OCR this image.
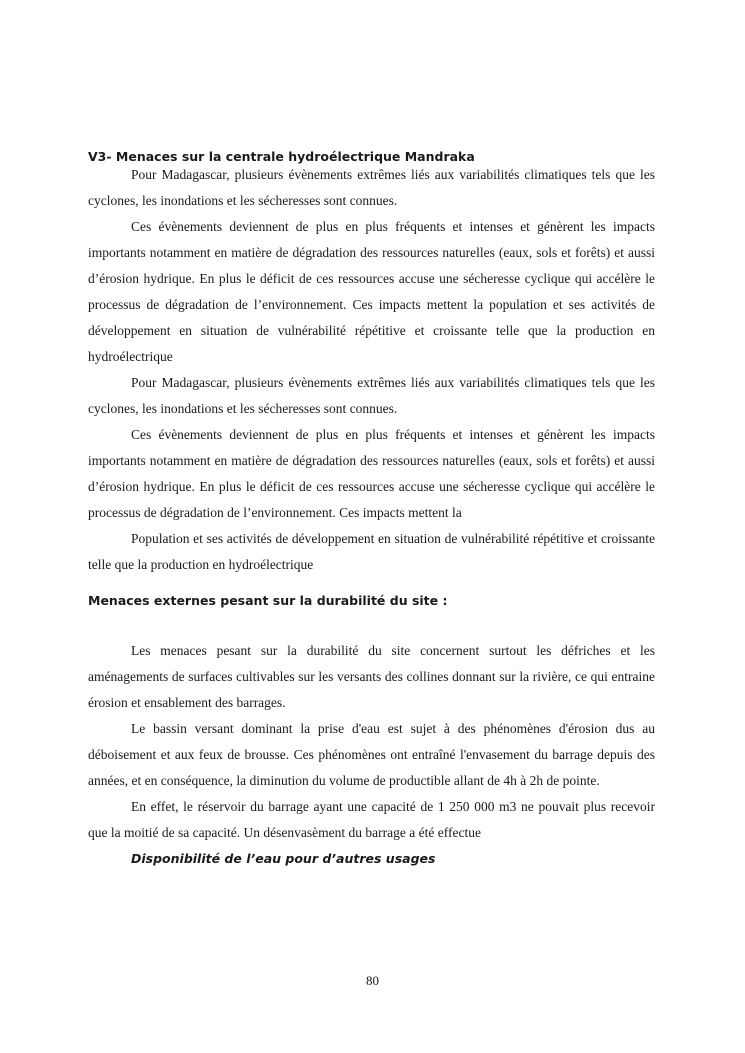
V3- Menaces sur la centrale hydroélectrique Mandraka

Pour Madagascar, plusieurs évènements extrêmes liés aux variabilités climatiques tels que les cyclones, les inondations et les sécheresses sont connues.

Ces évènements deviennent de plus en plus fréquents et intenses et génèrent les impacts importants notamment en matière de dégradation des ressources naturelles (eaux, sols et forêts) et aussi d’érosion hydrique. En plus le déficit de ces ressources accuse une sécheresse cyclique qui accélère le processus de dégradation de l’environnement. Ces impacts mettent la population et ses activités de développement en situation de vulnérabilité répétitive et croissante telle que la production en hydroélectrique

Pour Madagascar, plusieurs évènements extrêmes liés aux variabilités climatiques tels que les cyclones, les inondations et les sécheresses sont connues.

Ces évènements deviennent de plus en plus fréquents et intenses et génèrent les impacts importants notamment en matière de dégradation des ressources naturelles (eaux, sols et forêts) et aussi d’érosion hydrique. En plus le déficit de ces ressources accuse une sécheresse cyclique qui accélère le processus de dégradation de l’environnement. Ces impacts mettent la

Population et ses activités de développement en situation de vulnérabilité répétitive et croissante telle que la production en hydroélectrique

Menaces externes pesant sur la durabilité du site :

Les menaces pesant sur la durabilité du site concernent surtout les défriches et les aménagements de surfaces cultivables sur les versants des collines donnant sur la rivière, ce qui entraine érosion et ensablement des barrages.

Le bassin versant dominant la prise d'eau est sujet à des phénomènes d'érosion dus au déboisement et aux feux de brousse. Ces phénomènes ont entraîné l'envasement du barrage depuis des années, et en conséquence, la diminution du volume de productible allant de 4h à 2h de pointe.

En effet, le réservoir du barrage ayant une capacité de 1 250 000 m3 ne pouvait plus recevoir que la moitié de sa capacité. Un désenvasèment du barrage a été effectue

Disponibilité de l’eau pour d’autres usages
80
